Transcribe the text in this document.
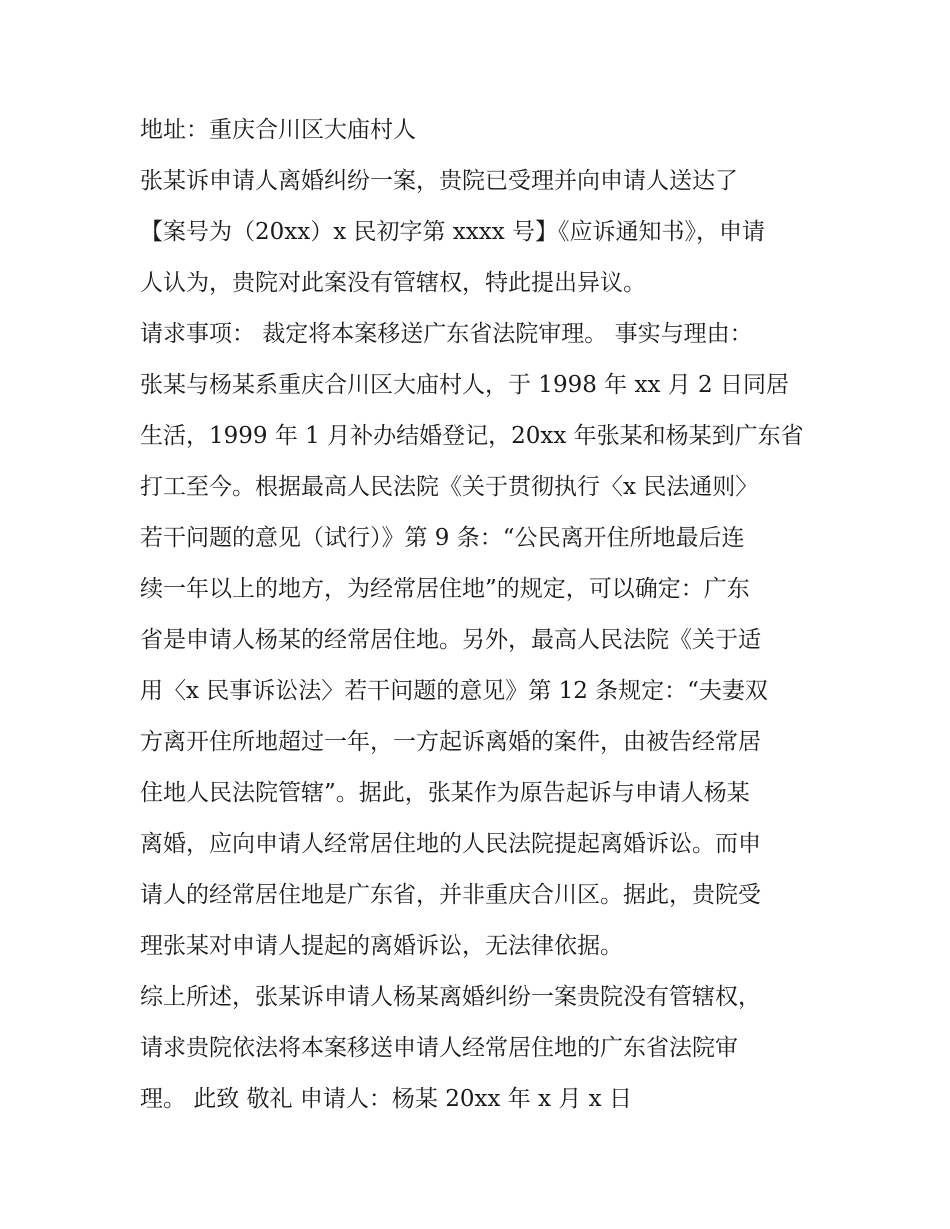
地址：重庆合川区大庙村人
张某诉申请人离婚纠纷一案，贵院已受理并向申请人送达了
【案号为（20xx）x 民初字第 xxxx 号】《应诉通知书》，申请
人认为，贵院对此案没有管辖权，特此提出异议。
请求事项： 裁定将本案移送广东省法院审理。 事实与理由：
张某与杨某系重庆合川区大庙村人，于 1998 年 xx 月 2 日同居
生活，1999 年 1 月补办结婚登记，20xx 年张某和杨某到广东省
打工至今。根据最高人民法院《关于贯彻执行〈x 民法通则〉
若干问题的意见（试行）》第 9 条：“公民离开住所地最后连
续一年以上的地方，为经常居住地”的规定，可以确定：广东
省是申请人杨某的经常居住地。另外，最高人民法院《关于适
用〈x 民事诉讼法〉若干问题的意见》第 12 条规定：“夫妻双
方离开住所地超过一年，一方起诉离婚的案件，由被告经常居
住地人民法院管辖”。据此，张某作为原告起诉与申请人杨某
离婚，应向申请人经常居住地的人民法院提起离婚诉讼。而申
请人的经常居住地是广东省，并非重庆合川区。据此，贵院受
理张某对申请人提起的离婚诉讼，无法律依据。
综上所述，张某诉申请人杨某离婚纠纷一案贵院没有管辖权，
请求贵院依法将本案移送申请人经常居住地的广东省法院审
理。 此致 敬礼 申请人：杨某 20xx 年 x 月 x 日
